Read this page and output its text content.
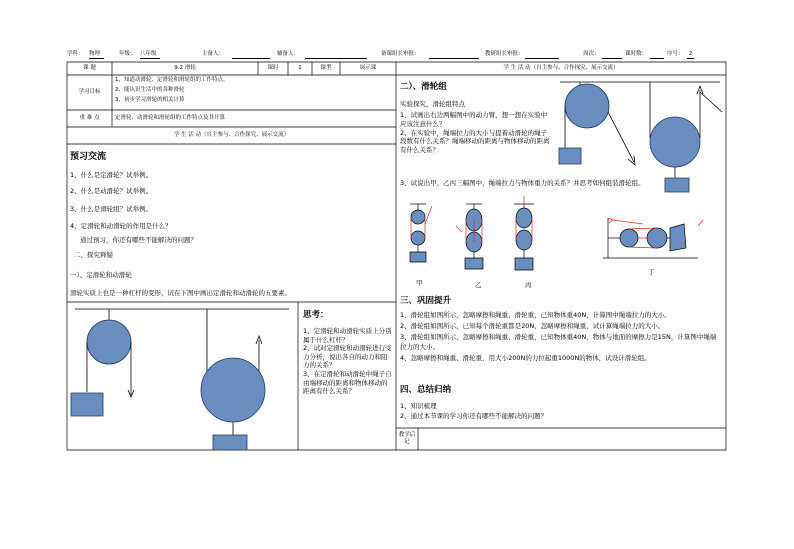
学科： 物理	年级： 八年级	主备人：
	辅备人：
	备课组长审批：
	教研组长审批：
	周次：
	课时数：
	序号： 2
课 题	9.2 滑轮	课时	1	课型	展示课
学习目标
1、知道动滑轮、定滑轮和滑轮组的工作特点。
2、能认识生活中的各种滑轮
3、初步学习滑轮的相关计算
重 难 点	定滑轮、动滑轮和滑轮组的工作特点及其计算
学 生 活 动（自主参与、合作探究、展示交流）
预习交流
1、什么是定滑轮？试举例。
2、什么是动滑轮？试举例。
3、什么是滑轮组？试举例。
4、定滑轮和动滑轮的作用是什么？
通过预习，你还有哪些不能解决的问题？
二、探究释疑
一）、定滑轮和动滑轮
滑轮实质上也是一种杠杆的变形，试在下图中画出定滑轮和动滑轮的五要素。
思考：
1、定滑轮和动滑轮实质上分别属于什么杠杆？
2、试对定滑轮和动滑轮进行受力分析，说出各自的动力和阻力的关系？
3、在定滑轮和动滑轮中绳子自由端移动的距离和物体移动的距离有什么关系？
学 生 活 动（自主参与、合作探究、展示交流）
二）、滑轮组
实验探究，滑轮组特点
1、试画出右边两幅图中的动力臂，想一想在实验中应该注意什么？
2、在实验中，绳端拉力的大小与提着动滑轮的绳子段数有什么关系？绳端移动的距离与物体移动的距离有什么关系？
3、试说出甲、乙丙三幅图中，绳端拉力与物体重力的关系？并思考如何组装滑轮组。
甲	乙	丙
丁
三、巩固提升
1、滑轮组如图所示，忽略摩擦和绳重、滑轮重，已知物体重40N，计算图中绳端拉力的大小。
2、滑轮组如图所示，已知每个滑轮重都是20N，忽略摩擦和绳重，试计算绳端拉力的大小。
3、滑轮组如图所示，忽略摩擦和绳重、滑轮重，已知物体重40N，物体与地面的摩擦力是15N，计算图中绳端拉力的大小。
4、忽略摩擦和绳重、滑轮重，用大小200N的力拉起重1000N的物体，试设计滑轮组。
四、总结归纳
1、知识梳理
2、通过本节课的学习你还有哪些不能解决的问题？
教学后记
